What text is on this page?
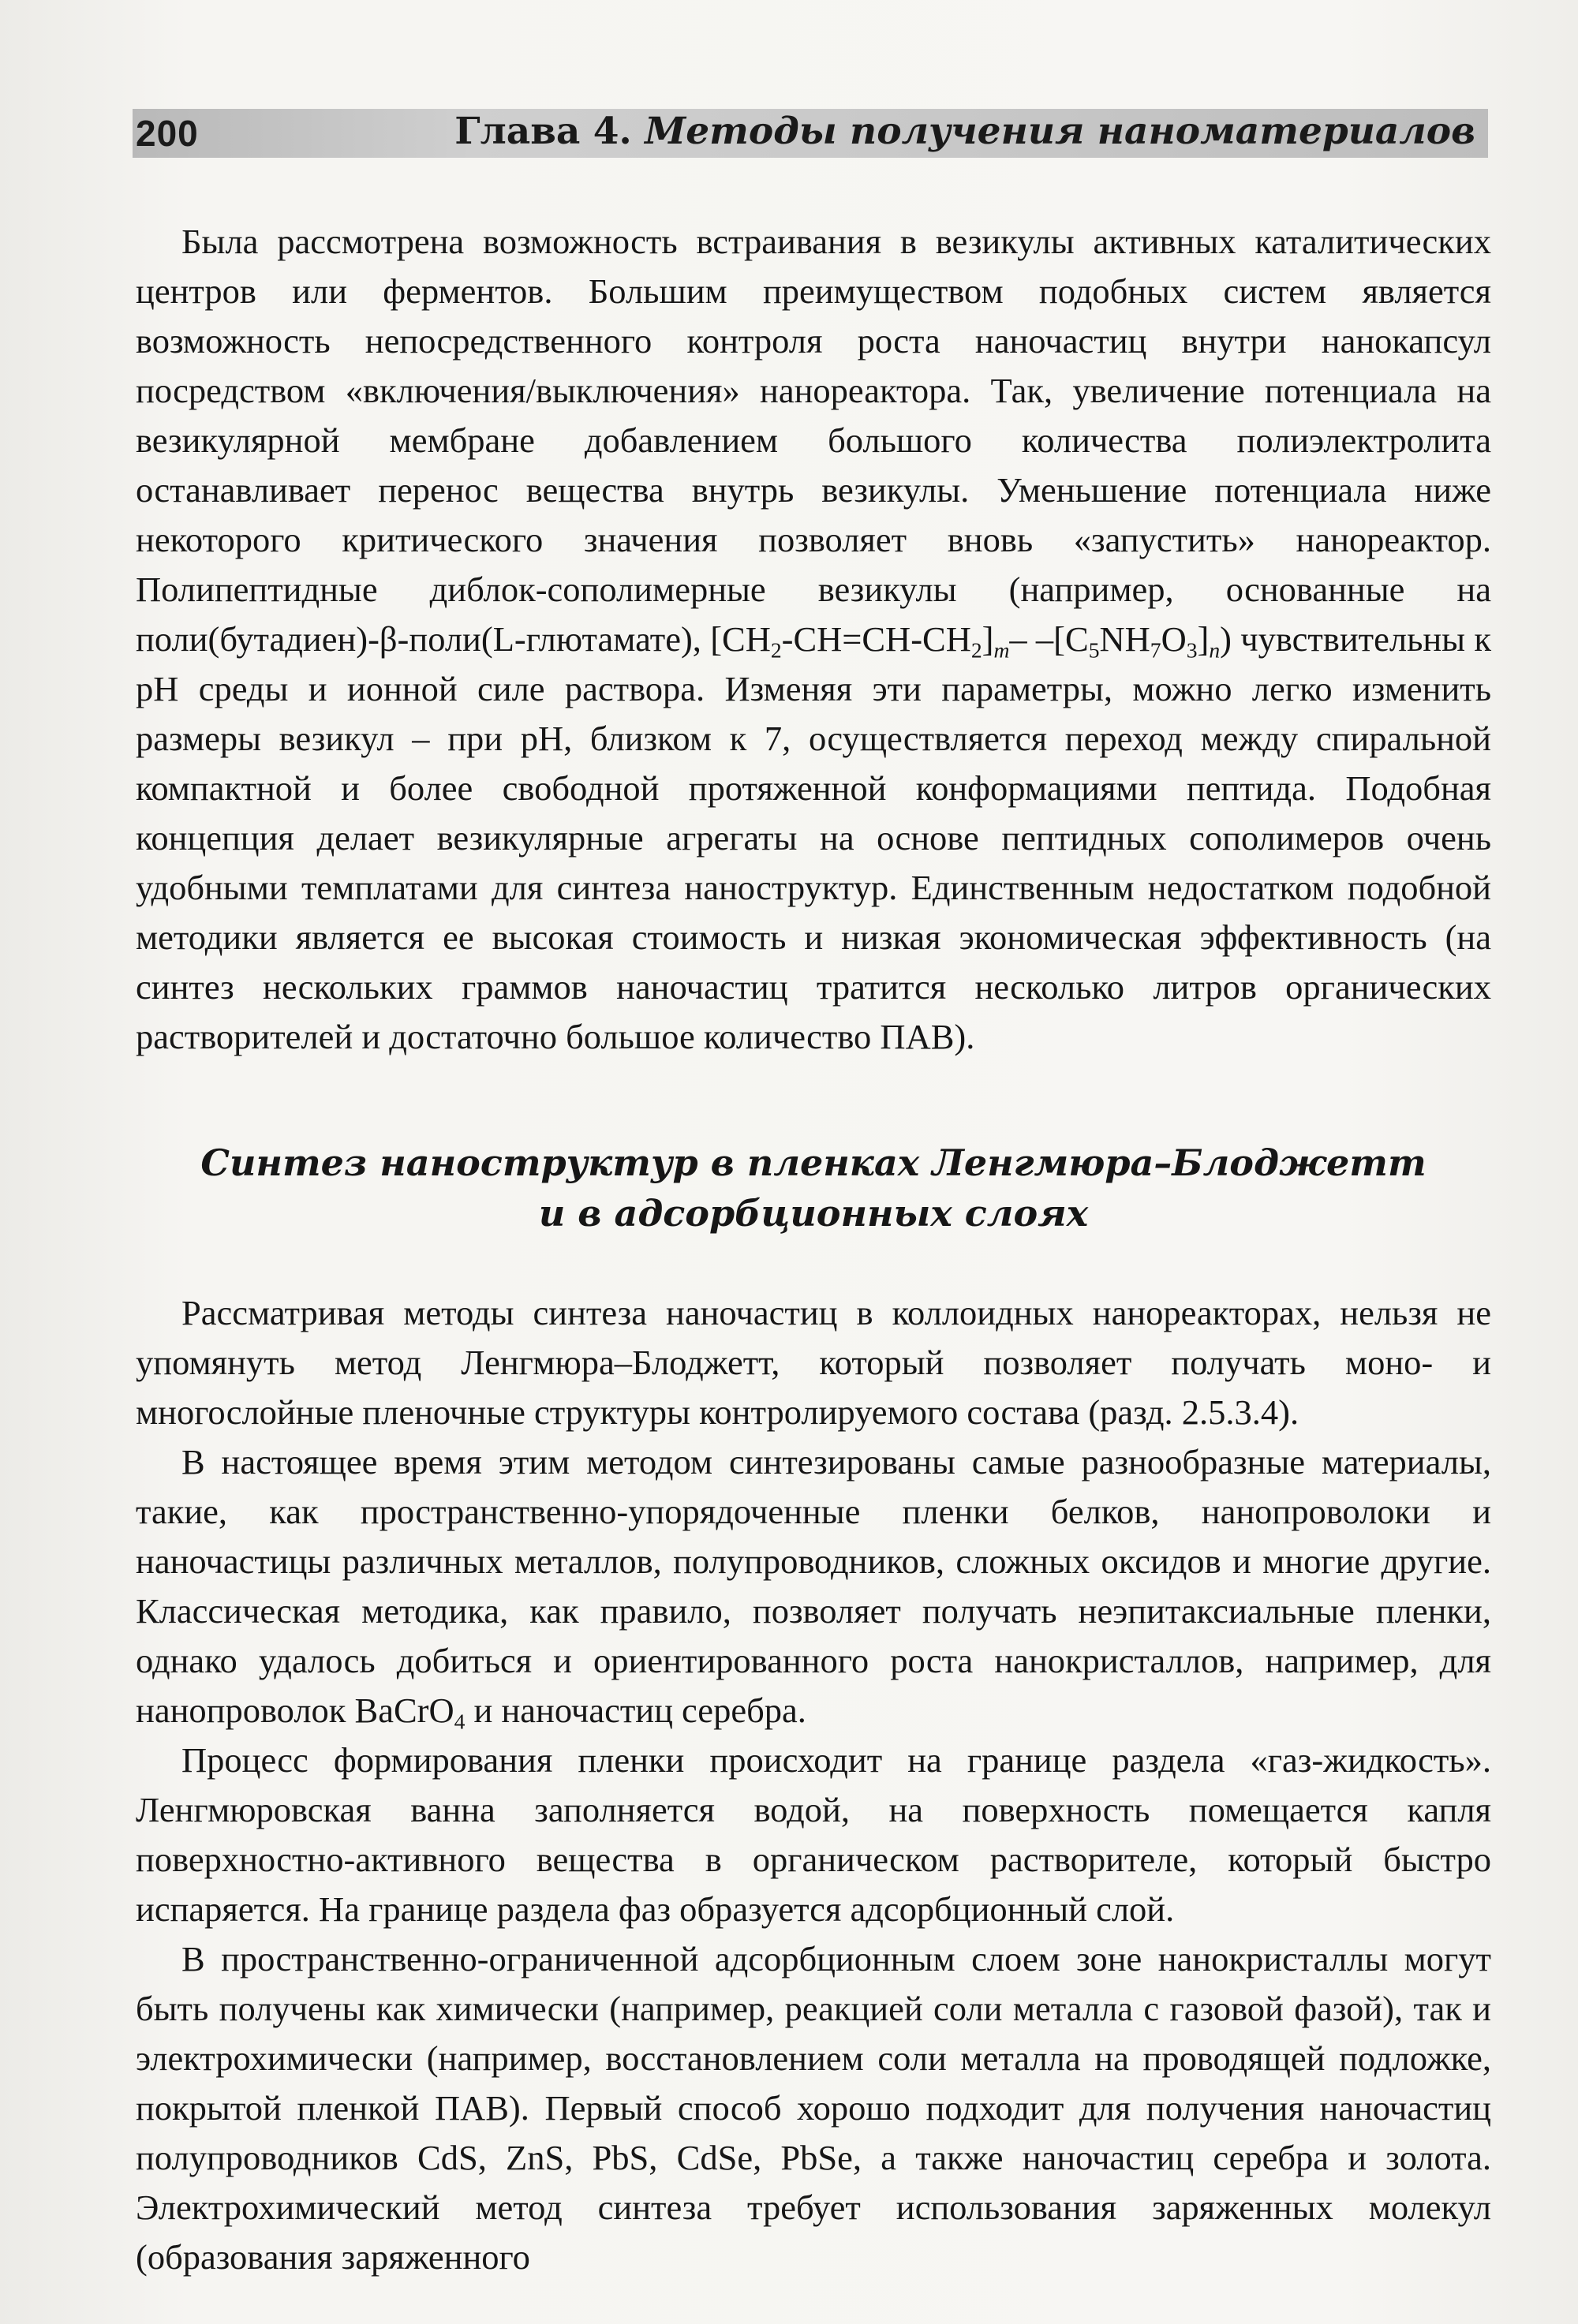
200	Глава 4. Методы получения наноматериалов

Была рассмотрена возможность встраивания в везикулы активных каталитических центров или ферментов. Большим преимуществом подобных систем является возможность непосредственного контроля роста наночастиц внутри нанокапсул посредством «включения/выключения» нанореактора. Так, увеличение потенциала на везикулярной мембране добавлением большого количества полиэлектролита останавливает перенос вещества внутрь везикулы. Уменьшение потенциала ниже некоторого критического значения позволяет вновь «запустить» нанореактор. Полипептидные диблок-сополимерные везикулы (например, основанные на поли(бутадиен)-β-поли(L-глютамате), $[CH_2-CH=CH-CH_2]_m-$ $-[C_5NH_7O_3]_n$) чувствительны к pH среды и ионной силе раствора. Изменяя эти параметры, можно легко изменить размеры везикул – при pH, близком к 7, осуществляется переход между спиральной компактной и более свободной протяженной конформациями пептида. Подобная концепция делает везикулярные агрегаты на основе пептидных сополимеров очень удобными темплатами для синтеза наноструктур. Единственным недостатком подобной методики является ее высокая стоимость и низкая экономическая эффективность (на синтез нескольких граммов наночастиц тратится несколько литров органических растворителей и достаточно большое количество ПАВ).

Синтез наноструктур в пленках Ленгмюра–Блоджетт
и в адсорбционных слоях

Рассматривая методы синтеза наночастиц в коллоидных нанореакторах, нельзя не упомянуть метод Ленгмюра–Блоджетт, который позволяет получать моно- и многослойные пленочные структуры контролируемого состава (разд. 2.5.3.4).

В настоящее время этим методом синтезированы самые разнообразные материалы, такие, как пространственно-упорядоченные пленки белков, нанопроволоки и наночастицы различных металлов, полупроводников, сложных оксидов и многие другие. Классическая методика, как правило, позволяет получать неэпитаксиальные пленки, однако удалось добиться и ориентированного роста нанокристаллов, например, для нанопроволок BaCrO$_4$ и наночастиц серебра.

Процесс формирования пленки происходит на границе раздела «газ-жидкость». Ленгмюровская ванна заполняется водой, на поверхность помещается капля поверхностно-активного вещества в органическом растворителе, который быстро испаряется. На границе раздела фаз образуется адсорбционный слой.

В пространственно-ограниченной адсорбционным слоем зоне нанокристаллы могут быть получены как химически (например, реакцией соли металла с газовой фазой), так и электрохимически (например, восстановлением соли металла на проводящей подложке, покрытой пленкой ПАВ). Первый способ хорошо подходит для получения наночастиц полупроводников CdS, ZnS, PbS, CdSe, PbSe, а также наночастиц серебра и золота. Электрохимический метод синтеза требует использования заряженных молекул (образования заряженного
